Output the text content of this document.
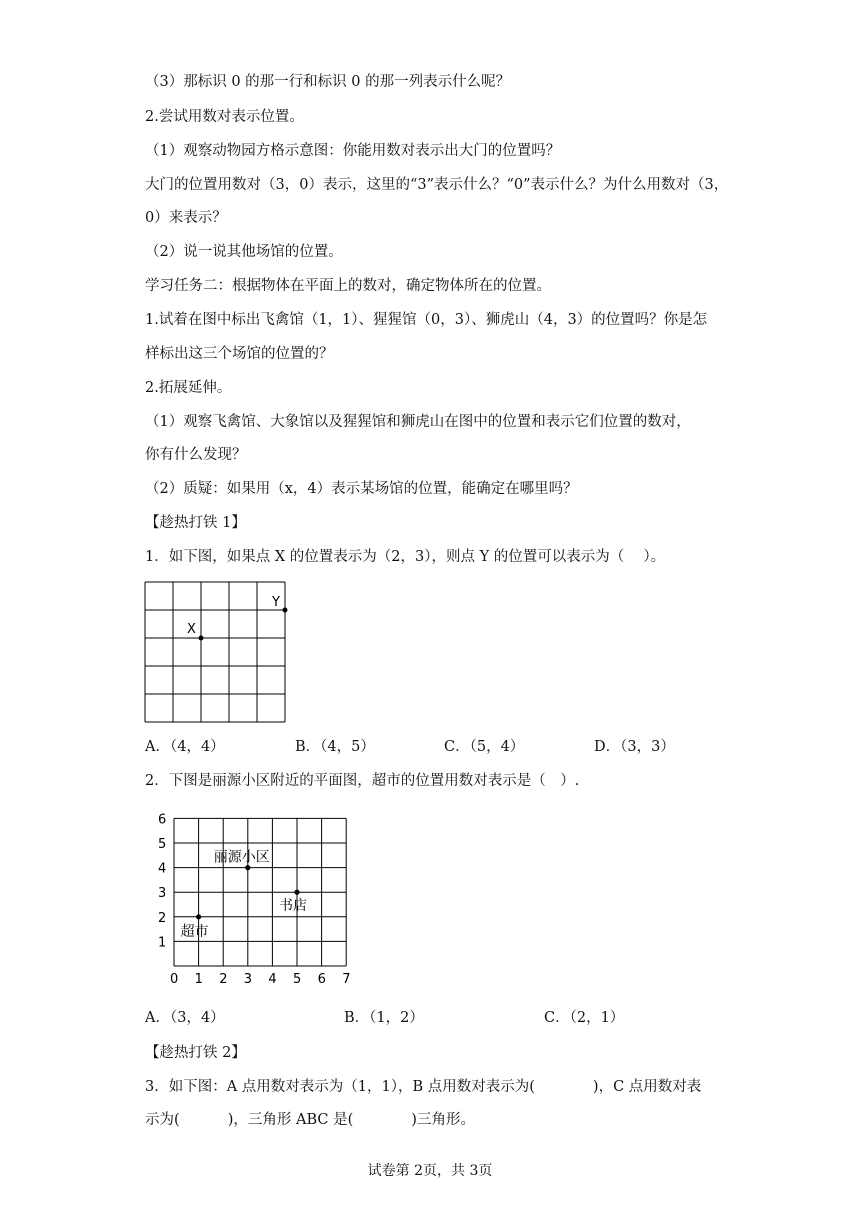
（3）那标识 0 的那一行和标识 0 的那一列表示什么呢？
2.尝试用数对表示位置。
（1）观察动物园方格示意图：你能用数对表示出大门的位置吗？
大门的位置用数对（3，0）表示，这里的“3”表示什么？“0”表示什么？为什么用数对（3，
0）来表示？
（2）说一说其他场馆的位置。
学习任务二：根据物体在平面上的数对，确定物体所在的位置。
1.试着在图中标出飞禽馆（1，1）、猩猩馆（0，3）、狮虎山（4，3）的位置吗？你是怎
样标出这三个场馆的位置的？
2.拓展延伸。
（1）观察飞禽馆、大象馆以及猩猩馆和狮虎山在图中的位置和表示它们位置的数对，
你有什么发现？
（2）质疑：如果用（x，4）表示某场馆的位置，能确定在哪里吗？
【趁热打铁 1】
1．如下图，如果点 X 的位置表示为（2，3），则点 Y 的位置可以表示为（　 ）。
X
Y
A．（4，4）	B．（4，5）	C．（5，4）	D．（3，3）
2．下图是丽源小区附近的平面图，超市的位置用数对表示是（　）.
0 1 2 3 4 5 6 7
1
2
3
4
5
6
丽源小区
书店
超市
A．（3，4）	B．（1，2）	C．（2，1）
【趁热打铁 2】
3．如下图：A 点用数对表示为（1，1），B 点用数对表示为(　　　　)，C 点用数对表
示为(　　　 )，三角形 ABC 是(　　　　)三角形。
试卷第 2页，共 3页
